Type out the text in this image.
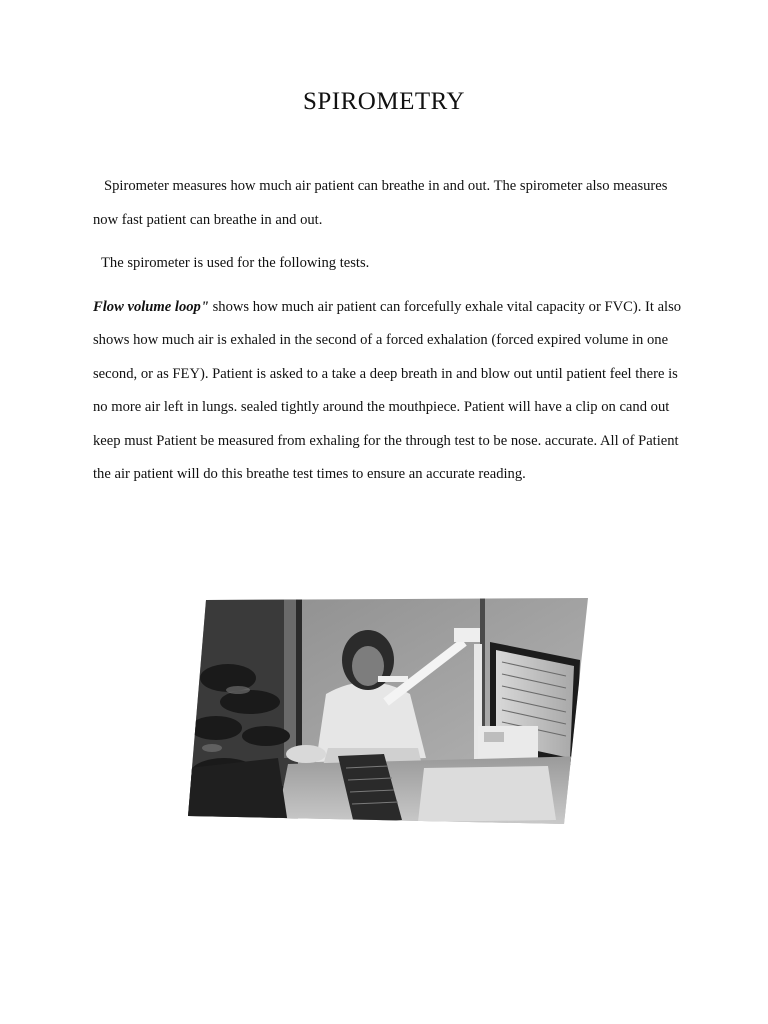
SPIROMETRY

Spirometer measures how much air patient can breathe in and out. The spirometer also measures now fast patient can breathe in and out.

The spirometer is used for the following tests.

Flow volume loop" shows how much air patient can forcefully exhale vital capacity or FVC). It also shows how much air is exhaled in the second of a forced exhalation (forced expired volume in one second, or as FEY). Patient is asked to a take a deep breath in and blow out until patient feel there is no more air left in lungs. sealed tightly around the mouthpiece. Patient will have a clip on cand out keep must Patient be measured from exhaling for the through test to be nose. accurate. All of Patient the air patient will do this breathe test times to ensure an accurate reading.
